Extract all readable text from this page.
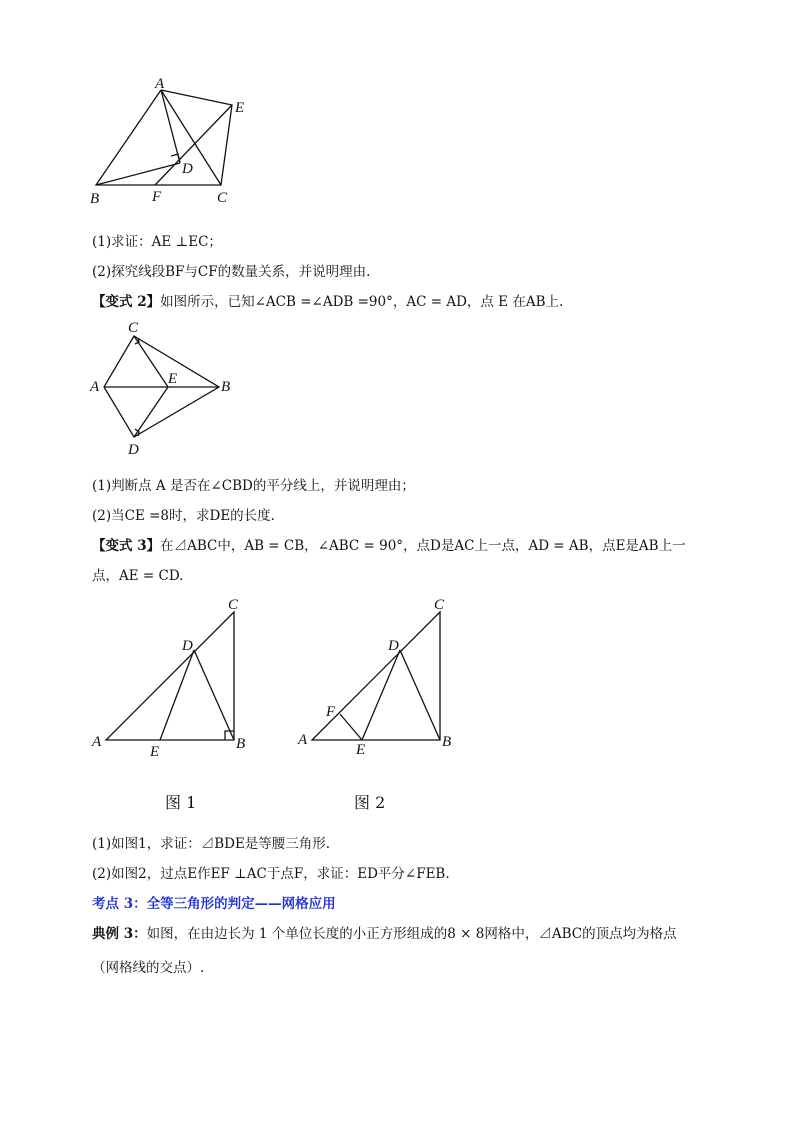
A
E
D
B	F	C
(1)求证：AE ⊥EC；
(2)探究线段BF与CF的数量关系，并说明理由.
【变式 2】如图所示，已知∠ACB =∠ADB =90°，AC = AD，点 E 在AB上.
C
A	E	B
D
(1)判断点 A 是否在∠CBD的平分线上，并说明理由；
(2)当CE =8时，求DE的长度.
【变式 3】在⊿ABC中，AB = CB，∠ABC = 90°，点D是AC上一点，AD = AB，点E是AB上一
点，AE = CD.
C
D
A
E	B
C
D
F
A
E	B
图 1	图 2
(1)如图1，求证：⊿BDE是等腰三角形.
(2)如图2，过点E作EF ⊥AC于点F，求证：ED平分∠FEB.
考点 3：全等三角形的判定——网格应用
典例 3：如图，在由边长为 1 个单位长度的小正方形组成的8 × 8网格中，⊿ABC的顶点均为格点
（网格线的交点）.
